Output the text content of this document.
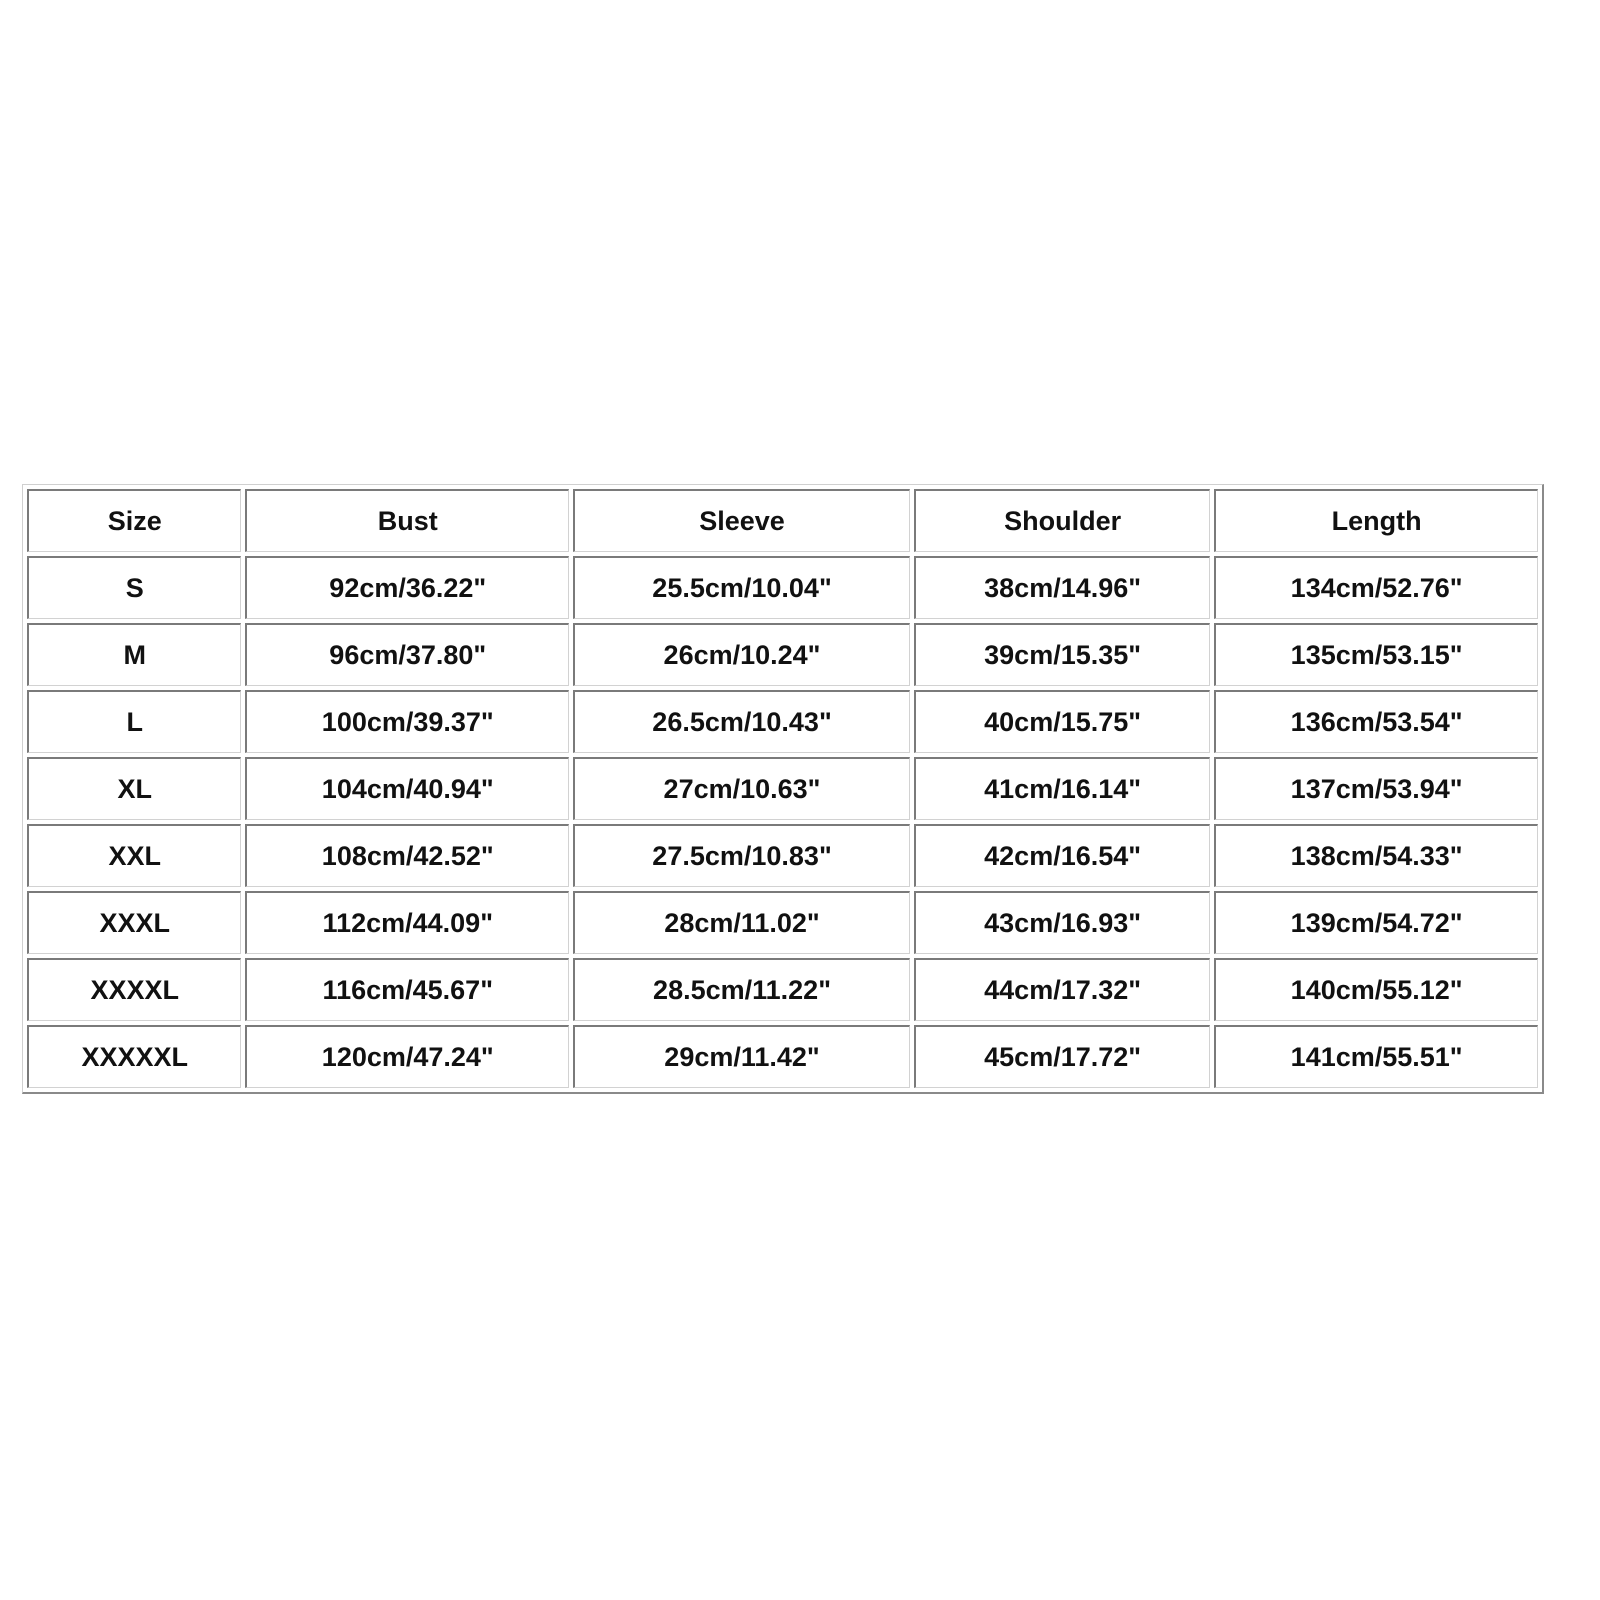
Size	Bust	Sleeve	Shoulder	Length
S	92cm/36.22"	25.5cm/10.04"	38cm/14.96"	134cm/52.76"
M	96cm/37.80"	26cm/10.24"	39cm/15.35"	135cm/53.15"
L	100cm/39.37"	26.5cm/10.43"	40cm/15.75"	136cm/53.54"
XL	104cm/40.94"	27cm/10.63"	41cm/16.14"	137cm/53.94"
XXL	108cm/42.52"	27.5cm/10.83"	42cm/16.54"	138cm/54.33"
XXXL	112cm/44.09"	28cm/11.02"	43cm/16.93"	139cm/54.72"
XXXXL	116cm/45.67"	28.5cm/11.22"	44cm/17.32"	140cm/55.12"
XXXXXL	120cm/47.24"	29cm/11.42"	45cm/17.72"	141cm/55.51"
